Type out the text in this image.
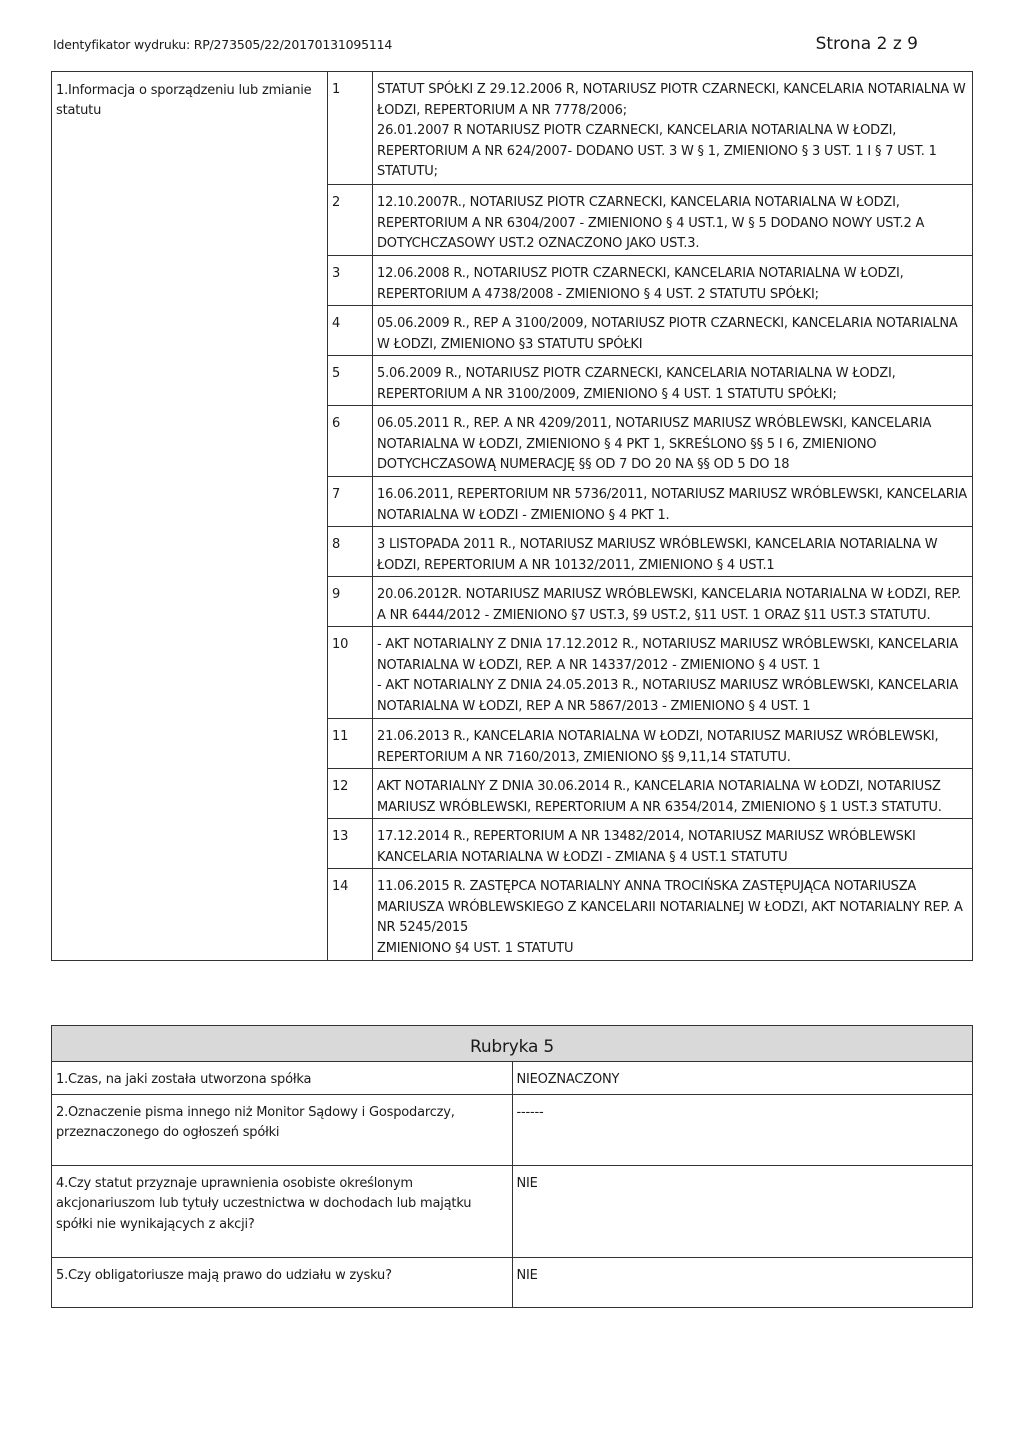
Identyfikator wydruku: RP/273505/22/20170131095114	Strona 2 z 9
1.Informacja o sporządzeniu lub zmianie statutu	1	STATUT SPÓŁKI Z 29.12.2006 R, NOTARIUSZ PIOTR CZARNECKI, KANCELARIA NOTARIALNA W ŁODZI, REPERTORIUM A NR 7778/2006;
26.01.2007 R NOTARIUSZ PIOTR CZARNECKI, KANCELARIA NOTARIALNA W ŁODZI, REPERTORIUM A NR 624/2007- DODANO UST. 3 W § 1, ZMIENIONO § 3 UST. 1 I § 7 UST. 1 STATUTU;

	2	12.10.2007R., NOTARIUSZ PIOTR CZARNECKI, KANCELARIA NOTARIALNA W ŁODZI, REPERTORIUM A NR 6304/2007 - ZMIENIONO § 4 UST.1, W § 5 DODANO NOWY UST.2 A DOTYCHCZASOWY UST.2 OZNACZONO JAKO UST.3.

	3	12.06.2008 R., NOTARIUSZ PIOTR CZARNECKI, KANCELARIA NOTARIALNA W ŁODZI, REPERTORIUM A 4738/2008 - ZMIENIONO § 4 UST. 2 STATUTU SPÓŁKI;

	4	05.06.2009 R., REP A 3100/2009, NOTARIUSZ PIOTR CZARNECKI, KANCELARIA NOTARIALNA W ŁODZI, ZMIENIONO §3 STATUTU SPÓŁKI

	5	5.06.2009 R., NOTARIUSZ PIOTR CZARNECKI, KANCELARIA NOTARIALNA W ŁODZI, REPERTORIUM A NR 3100/2009, ZMIENIONO § 4 UST. 1 STATUTU SPÓŁKI;

	6	06.05.2011 R., REP. A NR 4209/2011, NOTARIUSZ MARIUSZ WRÓBLEWSKI, KANCELARIA NOTARIALNA W ŁODZI, ZMIENIONO § 4 PKT 1, SKREŚLONO §§ 5 I 6, ZMIENIONO DOTYCHCZASOWĄ NUMERACJĘ §§ OD 7 DO 20 NA §§ OD 5 DO 18

	7	16.06.2011, REPERTORIUM NR 5736/2011, NOTARIUSZ MARIUSZ WRÓBLEWSKI, KANCELARIA NOTARIALNA W ŁODZI - ZMIENIONO § 4 PKT 1.

	8	3 LISTOPADA 2011 R., NOTARIUSZ MARIUSZ WRÓBLEWSKI, KANCELARIA NOTARIALNA W ŁODZI, REPERTORIUM A NR 10132/2011, ZMIENIONO § 4 UST.1

	9	20.06.2012R. NOTARIUSZ MARIUSZ WRÓBLEWSKI, KANCELARIA NOTARIALNA W ŁODZI, REP. A NR 6444/2012 - ZMIENIONO §7 UST.3, §9 UST.2, §11 UST. 1 ORAZ §11 UST.3 STATUTU.

	10	- AKT NOTARIALNY Z DNIA 17.12.2012 R., NOTARIUSZ MARIUSZ WRÓBLEWSKI, KANCELARIA NOTARIALNA W ŁODZI, REP. A NR 14337/2012 - ZMIENIONO § 4 UST. 1
- AKT NOTARIALNY Z DNIA 24.05.2013 R., NOTARIUSZ MARIUSZ WRÓBLEWSKI, KANCELARIA NOTARIALNA W ŁODZI, REP A NR 5867/2013 - ZMIENIONO § 4 UST. 1

	11	21.06.2013 R., KANCELARIA NOTARIALNA W ŁODZI, NOTARIUSZ MARIUSZ WRÓBLEWSKI, REPERTORIUM A NR 7160/2013, ZMIENIONO §§ 9,11,14 STATUTU.

	12	AKT NOTARIALNY Z DNIA 30.06.2014 R., KANCELARIA NOTARIALNA W ŁODZI, NOTARIUSZ MARIUSZ WRÓBLEWSKI, REPERTORIUM A NR 6354/2014, ZMIENIONO § 1 UST.3 STATUTU.

	13	17.12.2014 R., REPERTORIUM A NR 13482/2014, NOTARIUSZ MARIUSZ WRÓBLEWSKI KANCELARIA NOTARIALNA W ŁODZI - ZMIANA § 4 UST.1 STATUTU

	14	11.06.2015 R. ZASTĘPCA NOTARIALNY ANNA TROCIŃSKA ZASTĘPUJĄCA NOTARIUSZA MARIUSZA WRÓBLEWSKIEGO Z KANCELARII NOTARIALNEJ W ŁODZI, AKT NOTARIALNY REP. A NR 5245/2015
ZMIENIONO §4 UST. 1 STATUTU
Rubryka 5	
1.Czas, na jaki została utworzona spółka	NIEOZNACZONY
2.Oznaczenie pisma innego niż Monitor Sądowy i Gospodarczy, przeznaczonego do ogłoszeń spółki	------
4.Czy statut przyznaje uprawnienia osobiste określonym akcjonariuszom lub tytuły uczestnictwa w dochodach lub majątku spółki nie wynikających z akcji?	NIE
5.Czy obligatoriusze mają prawo do udziału w zysku?	NIE
